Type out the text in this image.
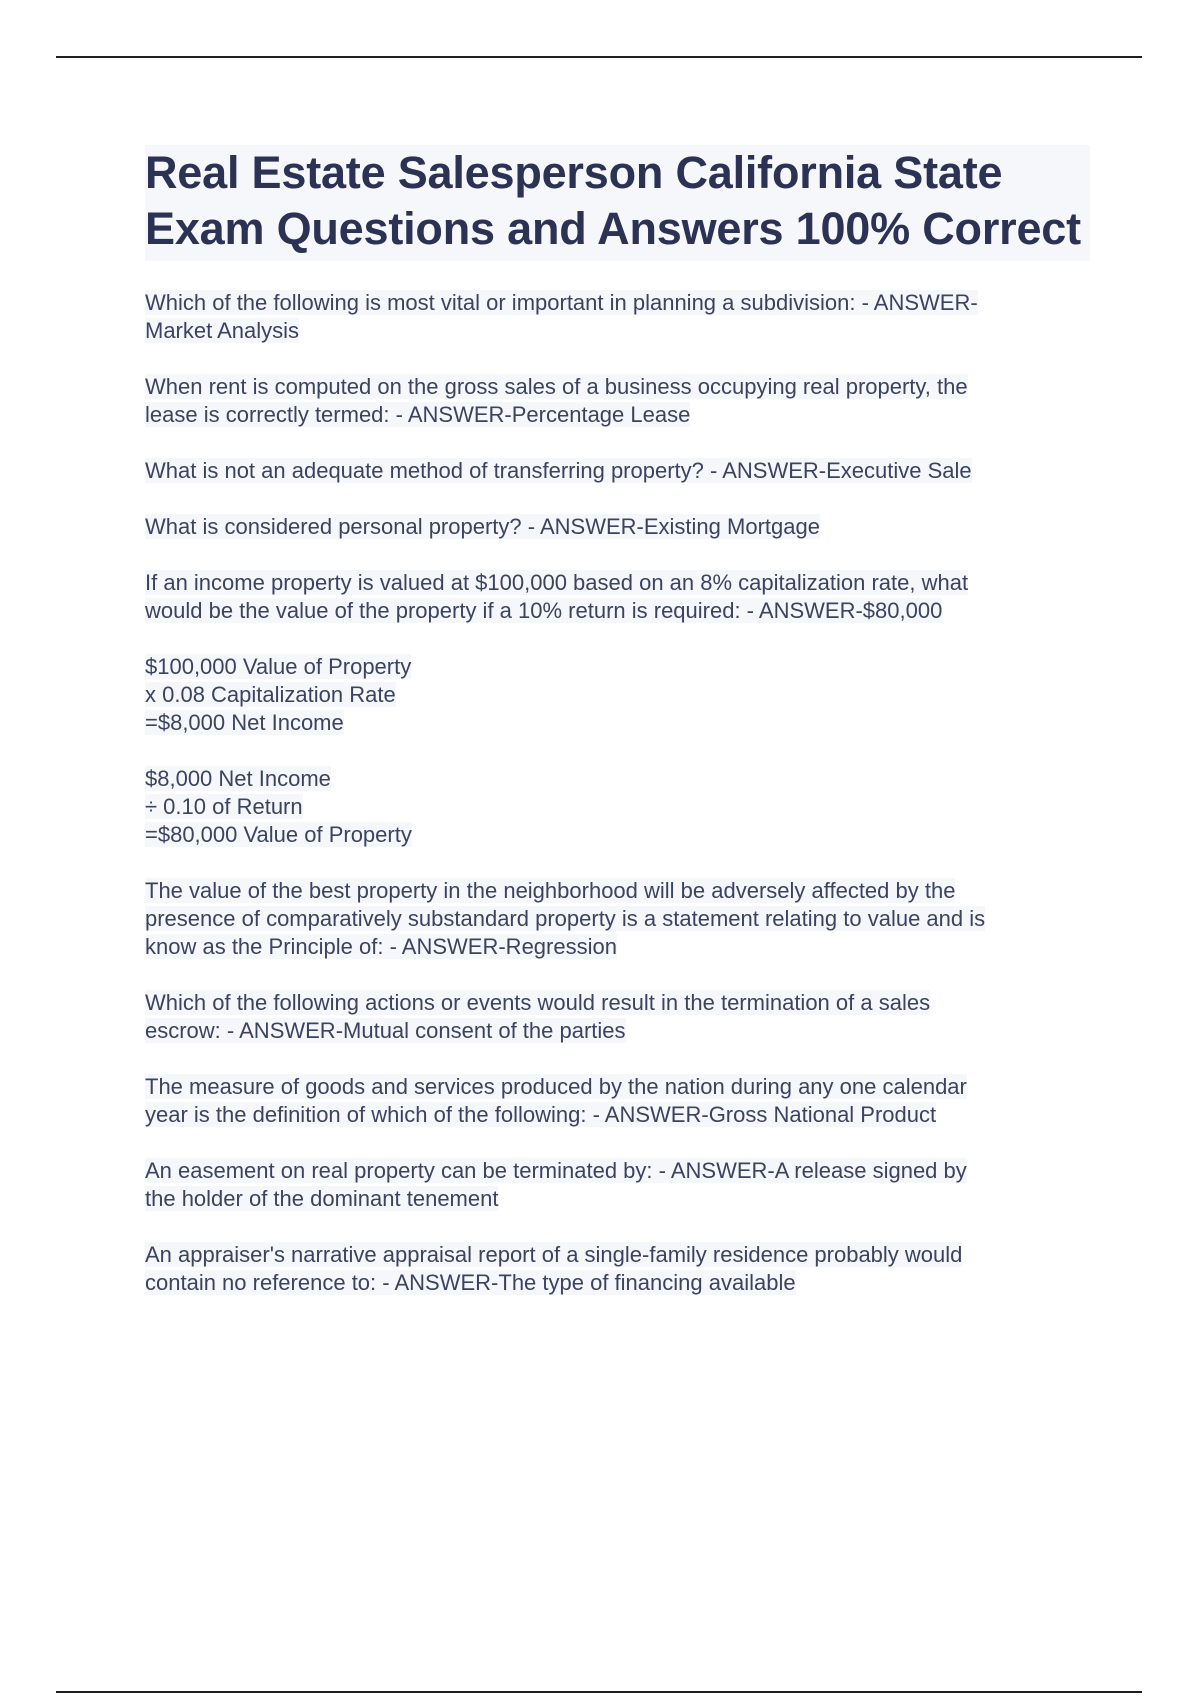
Real Estate Salesperson California State Exam Questions and Answers 100% Correct

Which of the following is most vital or important in planning a subdivision: - ANSWER-
Market Analysis

When rent is computed on the gross sales of a business occupying real property, the
lease is correctly termed: - ANSWER-Percentage Lease

What is not an adequate method of transferring property? - ANSWER-Executive Sale

What is considered personal property? - ANSWER-Existing Mortgage

If an income property is valued at $100,000 based on an 8% capitalization rate, what
would be the value of the property if a 10% return is required: - ANSWER-$80,000

$100,000 Value of Property
x 0.08 Capitalization Rate
=$8,000 Net Income

$8,000 Net Income
÷ 0.10 of Return
=$80,000 Value of Property

The value of the best property in the neighborhood will be adversely affected by the
presence of comparatively substandard property is a statement relating to value and is
know as the Principle of: - ANSWER-Regression

Which of the following actions or events would result in the termination of a sales
escrow: - ANSWER-Mutual consent of the parties

The measure of goods and services produced by the nation during any one calendar
year is the definition of which of the following: - ANSWER-Gross National Product

An easement on real property can be terminated by: - ANSWER-A release signed by
the holder of the dominant tenement

An appraiser's narrative appraisal report of a single-family residence probably would
contain no reference to: - ANSWER-The type of financing available
